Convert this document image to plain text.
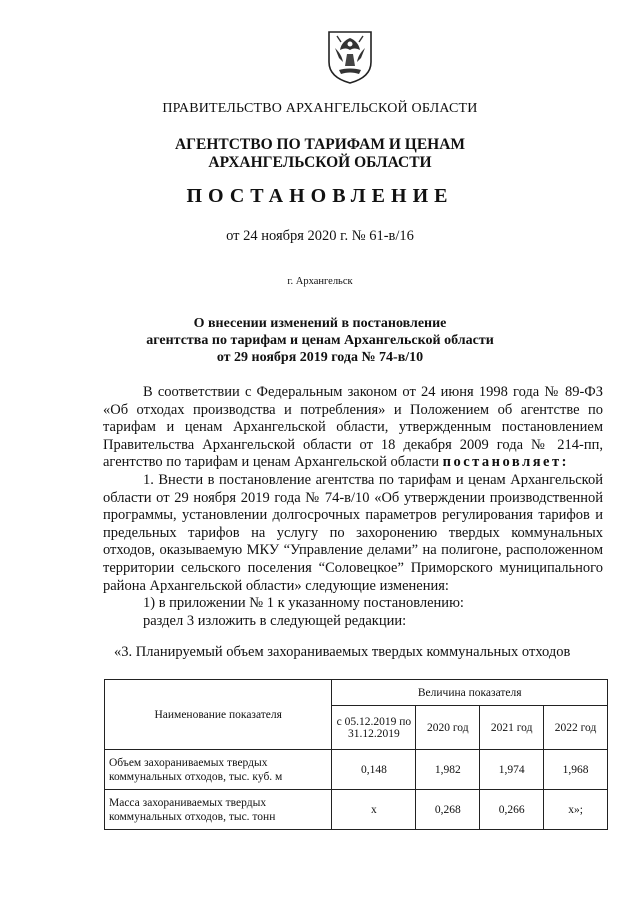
ПРАВИТЕЛЬСТВО АРХАНГЕЛЬСКОЙ ОБЛАСТИ
АГЕНТСТВО ПО ТАРИФАМ И ЦЕНАМ
АРХАНГЕЛЬСКОЙ ОБЛАСТИ
ПОСТАНОВЛЕНИЕ
от 24 ноября 2020 г. № 61-в/16
г. Архангельск
О внесении изменений в постановление
агентства по тарифам и ценам Архангельской области
от 29 ноября 2019 года № 74-в/10

В соответствии с Федеральным законом от 24 июня 1998 года № 89-ФЗ «Об отходах производства и потребления» и Положением об агентстве по тарифам и ценам Архангельской области, утвержденным постановлением Правительства Архангельской области от 18 декабря 2009 года № 214-пп, агентство по тарифам и ценам Архангельской области постановляет:

1. Внести в постановление агентства по тарифам и ценам Архангельской области от 29 ноября 2019 года № 74-в/10 «Об утверждении производственной программы, установлении долгосрочных параметров регулирования тарифов и предельных тарифов на услугу по захоронению твердых коммунальных отходов, оказываемую МКУ “Управление делами” на полигоне, расположенном территории сельского поселения “Соловецкое” Приморского муниципального района Архангельской области» следующие изменения:

1) в приложении № 1 к указанному постановлению:

раздел 3 изложить в следующей редакции:

«3. Планируемый объем захораниваемых твердых коммунальных отходов
Наименование показателя	Величина показателя			
	с 05.12.2019 по 31.12.2019	2020 год	2021 год	2022 год
Объем захораниваемых твердых коммунальных отходов, тыс. куб. м	0,148	1,982	1,974	1,968
Масса захораниваемых твердых коммунальных отходов, тыс. тонн	х	0,268	0,266	х»;
